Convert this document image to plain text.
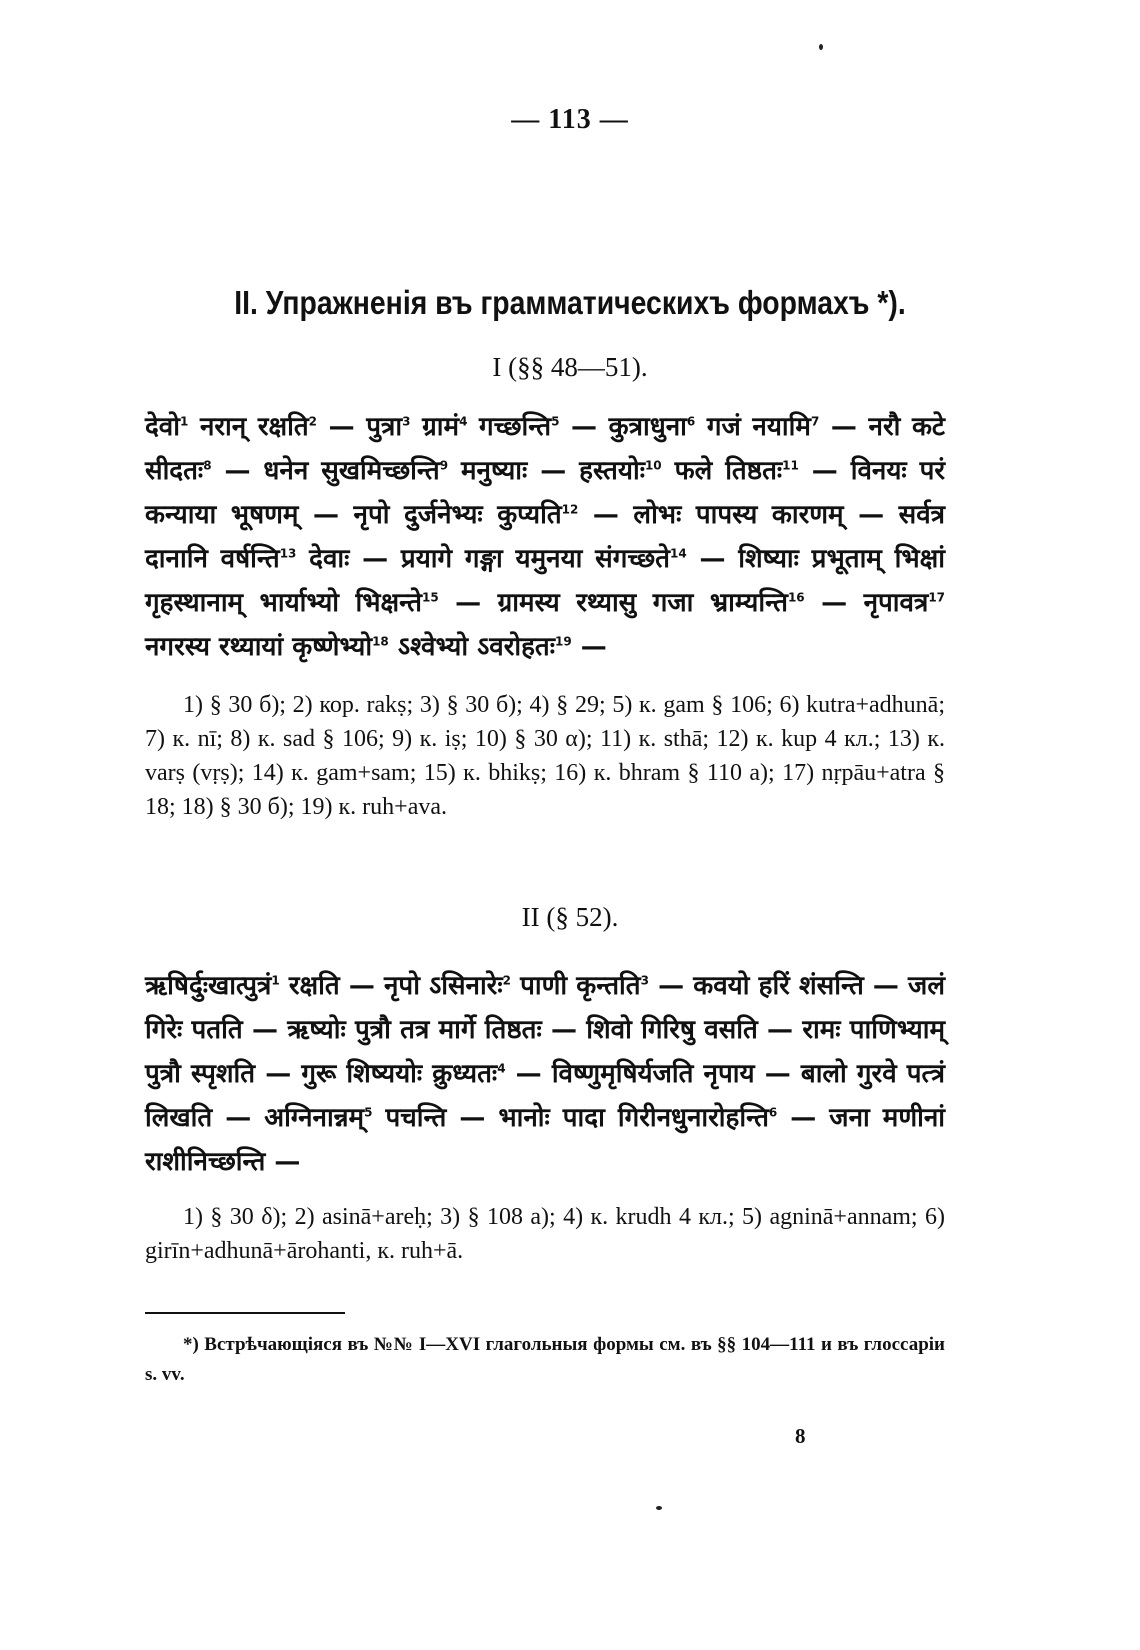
— 113 —
II. Упражненія въ грамматическихъ формахъ *).
I (§§ 48—51).
देवो$^1$ नरान् रक्षति$^2$ — पुत्रा$^3$ ग्रामं$^4$ गच्छन्ति$^5$ — कुत्राधुना$^6$ गजं नयामि$^7$ — नरौ कटे सीदतः$^8$ — धनेन सुखमिच्छन्ति$^9$ मनुष्याः — हस्तयोः$^{10}$ फले तिष्ठतः$^{11}$ — विनयः परं कन्याया भूषणम् — नृपो दुर्जनेभ्यः कुप्यति$^{12}$ — लोभः पापस्य कारणम् — सर्वत्र दानानि वर्षन्ति$^{13}$ देवाः — प्रयागे गङ्गा यमुनया संगच्छते$^{14}$ — शिष्याः प्रभूताम् भिक्षां गृहस्थानाम् भार्याभ्यो भिक्षन्ते$^{15}$ — ग्रामस्य रथ्यासु गजा भ्राम्यन्ति$^{16}$ — नृपावत्र$^{17}$ नगरस्य रथ्यायां कृष्णेभ्यो$^{18}$ ऽश्वेभ्यो ऽवरोहतः$^{19}$ —
1) § 30 б); 2) кор. rakṣ; 3) § 30 б); 4) § 29; 5) к. gam § 106; 6) kutra+adhunā; 7) к. nī; 8) к. sad § 106; 9) к. iṣ; 10) § 30 α); 11) к. sthā; 12) к. kup 4 кл.; 13) к. varṣ (vṛṣ); 14) к. gam+sam; 15) к. bhikṣ; 16) к. bhram § 110 a); 17) nṛpāu+atra § 18; 18) § 30 б); 19) к. ruh+ava.
II (§ 52).
ऋषिर्दुःखात्पुत्रं$^1$ रक्षति — नृपो ऽसिनारेः$^2$ पाणी कृन्तति$^3$ — कवयो हरिं शंसन्ति — जलं गिरेः पतति — ऋष्योः पुत्रौ तत्र मार्गे तिष्ठतः — शिवो गिरिषु वसति — रामः पाणिभ्याम् पुत्रौ स्पृशति — गुरू शिष्ययोः क्रुध्यतः$^4$ — विष्णुमृषिर्यजति नृपाय — बालो गुरवे पत्त्रं लिखति — अग्निनान्नम्$^5$ पचन्ति — भानोः पादा गिरीनधुनारोहन्ति$^6$ — जना मणीनां राशीनिच्छन्ति —
1) § 30 δ); 2) asinā+areḥ; 3) § 108 a); 4) к. krudh 4 кл.; 5) agninā+annam; 6) girīn+adhunā+ārohanti, к. ruh+ā.
*) Встрѣчающіяся въ №№ I—XVI глагольныя формы см. въ §§ 104—111 и въ глоссаріи s. vv.
8
